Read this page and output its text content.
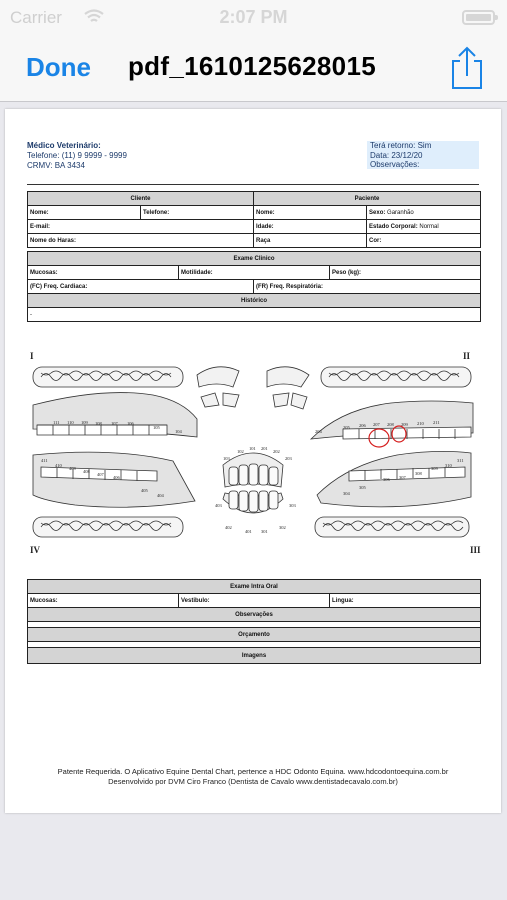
Carrier	2:07 PM
Done pdf_1610125628015
Médico Veterinário:
Telefone: (11) 9 9999 - 9999
CRMV: BA 3434
Terá retorno: Sim
Data: 23/12/20
Observações:
Cliente		Paciente	
Nome:	Telefone:	Nome:	Sexo: Garanhão
E-mail:		Idade:	Estado Corporal: Normal
Nome do Haras:		Raça	Cor:
Exame Clinico
Mucosas:	Motilidade:	Peso (kg):
(FC) Freq. Cardiaca:	(FR) Freq. Respiratória:
Histórico
-
I	II
III
IV
111 110 109 108 107 106
105
104	204
205 206 207 208 209 210 211
103
102
101 201
202
203
403
402
401 301
302
303
411
410
409
408
407
406
405
404
311
310
309
308
307
306
305
304
Exame Intra Oral
Mucosas:	Vestibulo:	Lingua:
Observações

Orçamento

Imagens
Patente Requerida. O Aplicativo Equine Dental Chart, pertence a HDC Odonto Equina. www.hdcodontoequina.com.br
Desenvolvido por DVM Ciro Franco (Dentista de Cavalo www.dentistadecavalo.com.br)
